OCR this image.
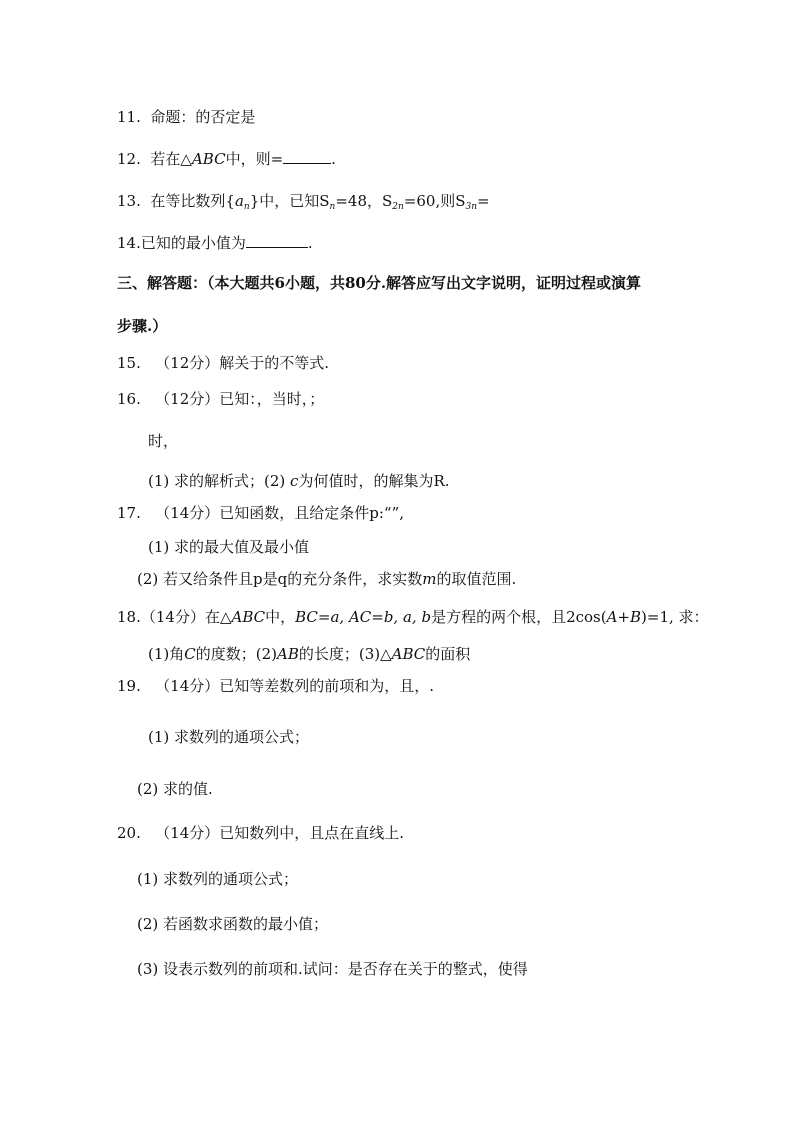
11. 命题：的否定是
12. 若在△ABC中，则=	.
13. 在等比数列$\{a_n\}$中，已知$S_n=48$，$S_{2n}=60$,则$S_{3n}=$
14.已知的最小值为	.
三、解答题：（本大题共6小题，共80分.解答应写出文字说明，证明过程或演算
步骤.）
15. （12分）解关于的不等式.
16. （12分）已知：，当时，；
时，
(1) 求的解析式；(2) c为何值时，的解集为R.
17. （14分）已知函数，且给定条件p:“”,
(1) 求的最大值及最小值
(2) 若又给条件且p是q的充分条件，求实数m的取值范围.
18.（14分）在△ABC中，BC=a, AC=b, a, b是方程的两个根，且2cos(A+B)=1, 求：
(1)角C的度数；(2)AB的长度；(3)△ABC的面积
19. （14分）已知等差数列的前项和为，且，.
(1) 求数列的通项公式；
(2) 求的值.
20. （14分）已知数列中，且点在直线上.
(1) 求数列的通项公式；
(2) 若函数求函数的最小值；
(3) 设表示数列的前项和.试问：是否存在关于的整式，使得
